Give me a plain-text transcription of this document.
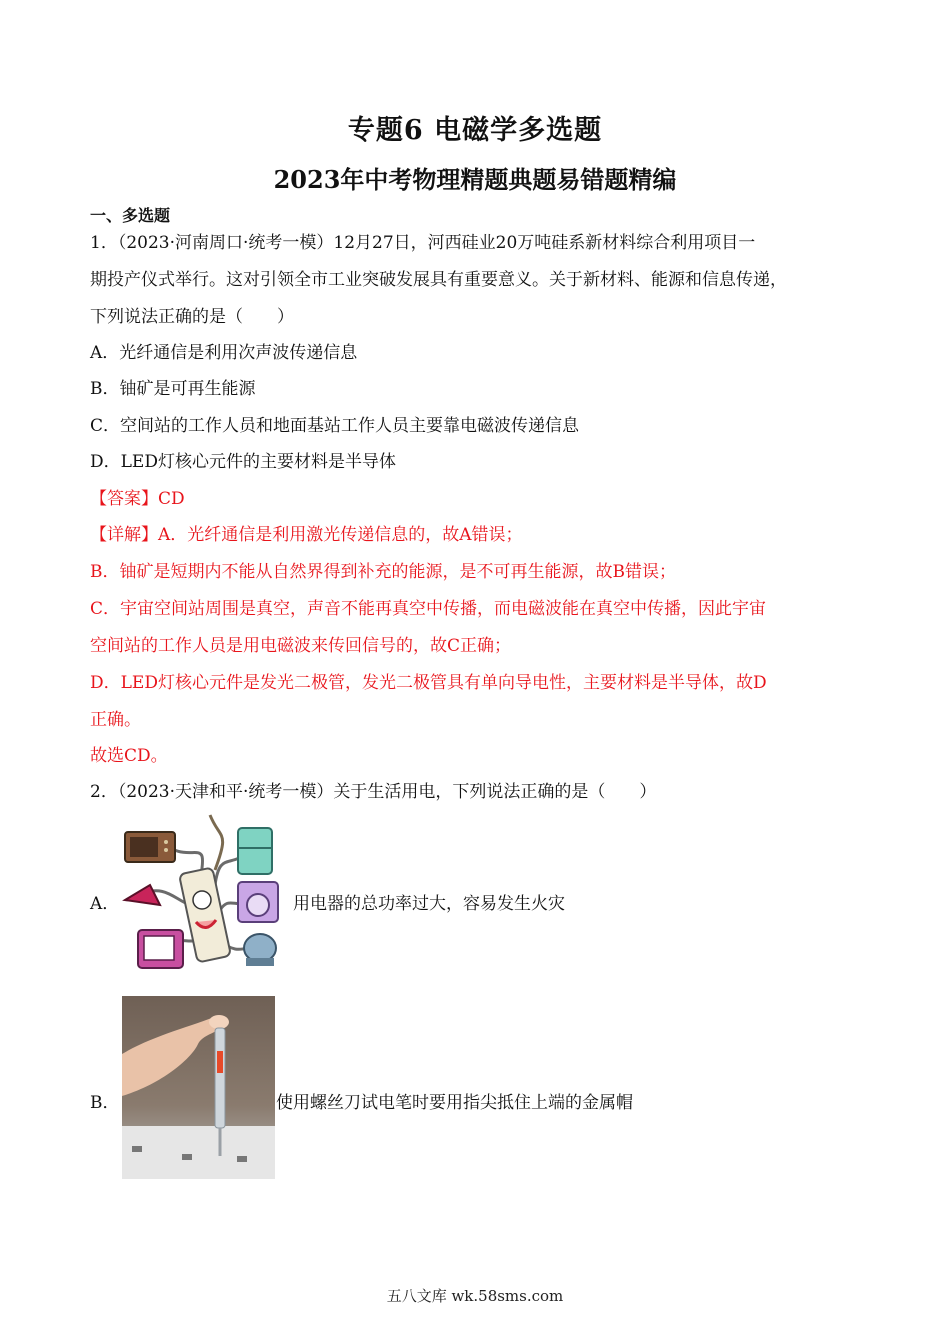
专题6 电磁学多选题
2023年中考物理精题典题易错题精编
一、多选题
1．（2023·河南周口·统考一模）12月27日，河西硅业20万吨硅系新材料综合利用项目一
期投产仪式举行。这对引领全市工业突破发展具有重要意义。关于新材料、能源和信息传递，
下列说法正确的是（　　）
A．光纤通信是利用次声波传递信息
B．铀矿是可再生能源
C．空间站的工作人员和地面基站工作人员主要靠电磁波传递信息
D．LED灯核心元件的主要材料是半导体
【答案】CD
【详解】A．光纤通信是利用激光传递信息的，故A错误；
B．铀矿是短期内不能从自然界得到补充的能源，是不可再生能源，故B错误；
C．宇宙空间站周围是真空，声音不能再真空中传播，而电磁波能在真空中传播，因此宇宙
空间站的工作人员是用电磁波来传回信号的，故C正确；
D．LED灯核心元件是发光二极管，发光二极管具有单向导电性，主要材料是半导体，故D
正确。
故选CD。
2．（2023·天津和平·统考一模）关于生活用电，下列说法正确的是（　　）
A．	用电器的总功率过大，容易发生火灾
B．	使用螺丝刀试电笔时要用指尖抵住上端的金属帽
五八文库 wk.58sms.com
